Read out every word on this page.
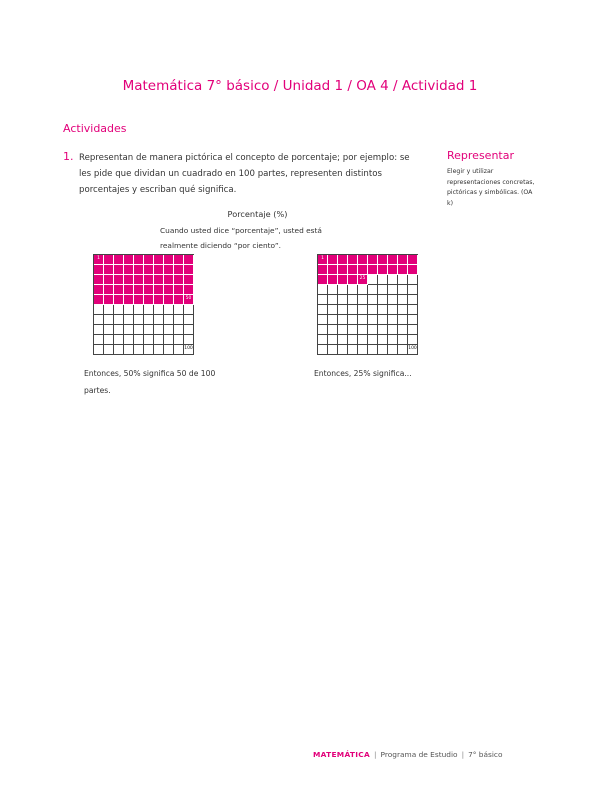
Matemática 7° básico / Unidad 1 / OA 4 / Actividad 1
Actividades
1. Representan de manera pictórica el concepto de porcentaje; por ejemplo: se les pide que dividan un cuadrado en 100 partes, representen distintos porcentajes y escriban qué significa.
Representar
Elegir y utilizar representaciones concretas, pictóricas y simbólicas. (OA k)
Porcentaje (%)
Cuando usted dice “porcentaje”, usted está realmente diciendo “por ciento”.
1
50
100
1
25
100
Entonces, 50% significa 50 de 100 partes.
Entonces, 25% significa...
MATEMÁTICA | Programa de Estudio | 7° básico
